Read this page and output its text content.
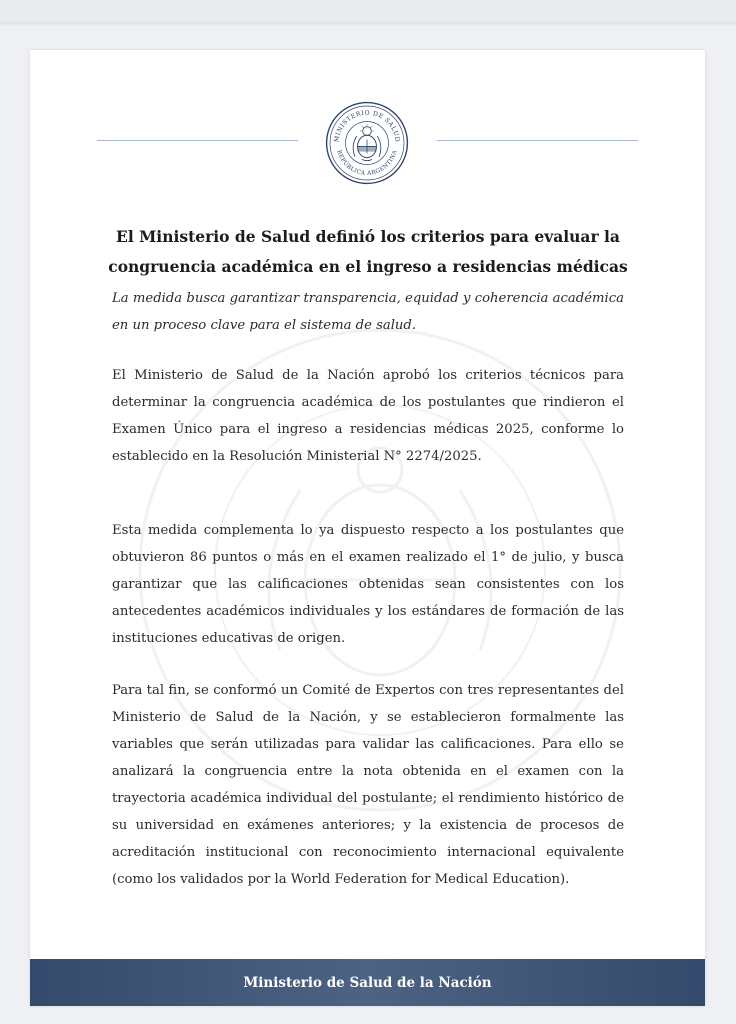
MINISTERIO DE SALUD
REPÚBLICA ARGENTINA
El Ministerio de Salud definió los criterios para evaluar la congruencia académica en el ingreso a residencias médicas

La medida busca garantizar transparencia, equidad y coherencia académica en un proceso clave para el sistema de salud.

El Ministerio de Salud de la Nación aprobó los criterios técnicos para determinar la congruencia académica de los postulantes que rindieron el Examen Único para el ingreso a residencias médicas 2025, conforme lo establecido en la Resolución Ministerial N° 2274/2025.

Esta medida complementa lo ya dispuesto respecto a los postulantes que obtuvieron 86 puntos o más en el examen realizado el 1° de julio, y busca garantizar que las calificaciones obtenidas sean consistentes con los antecedentes académicos individuales y los estándares de formación de las instituciones educativas de origen.

Para tal fin, se conformó un Comité de Expertos con tres representantes del Ministerio de Salud de la Nación, y se establecieron formalmente las variables que serán utilizadas para validar las calificaciones. Para ello se analizará la congruencia entre la nota obtenida en el examen con la trayectoria académica individual del postulante; el rendimiento histórico de su universidad en exámenes anteriores; y la existencia de procesos de acreditación institucional con reconocimiento internacional equivalente (como los validados por la World Federation for Medical Education).

Ministerio de Salud de la Nación
